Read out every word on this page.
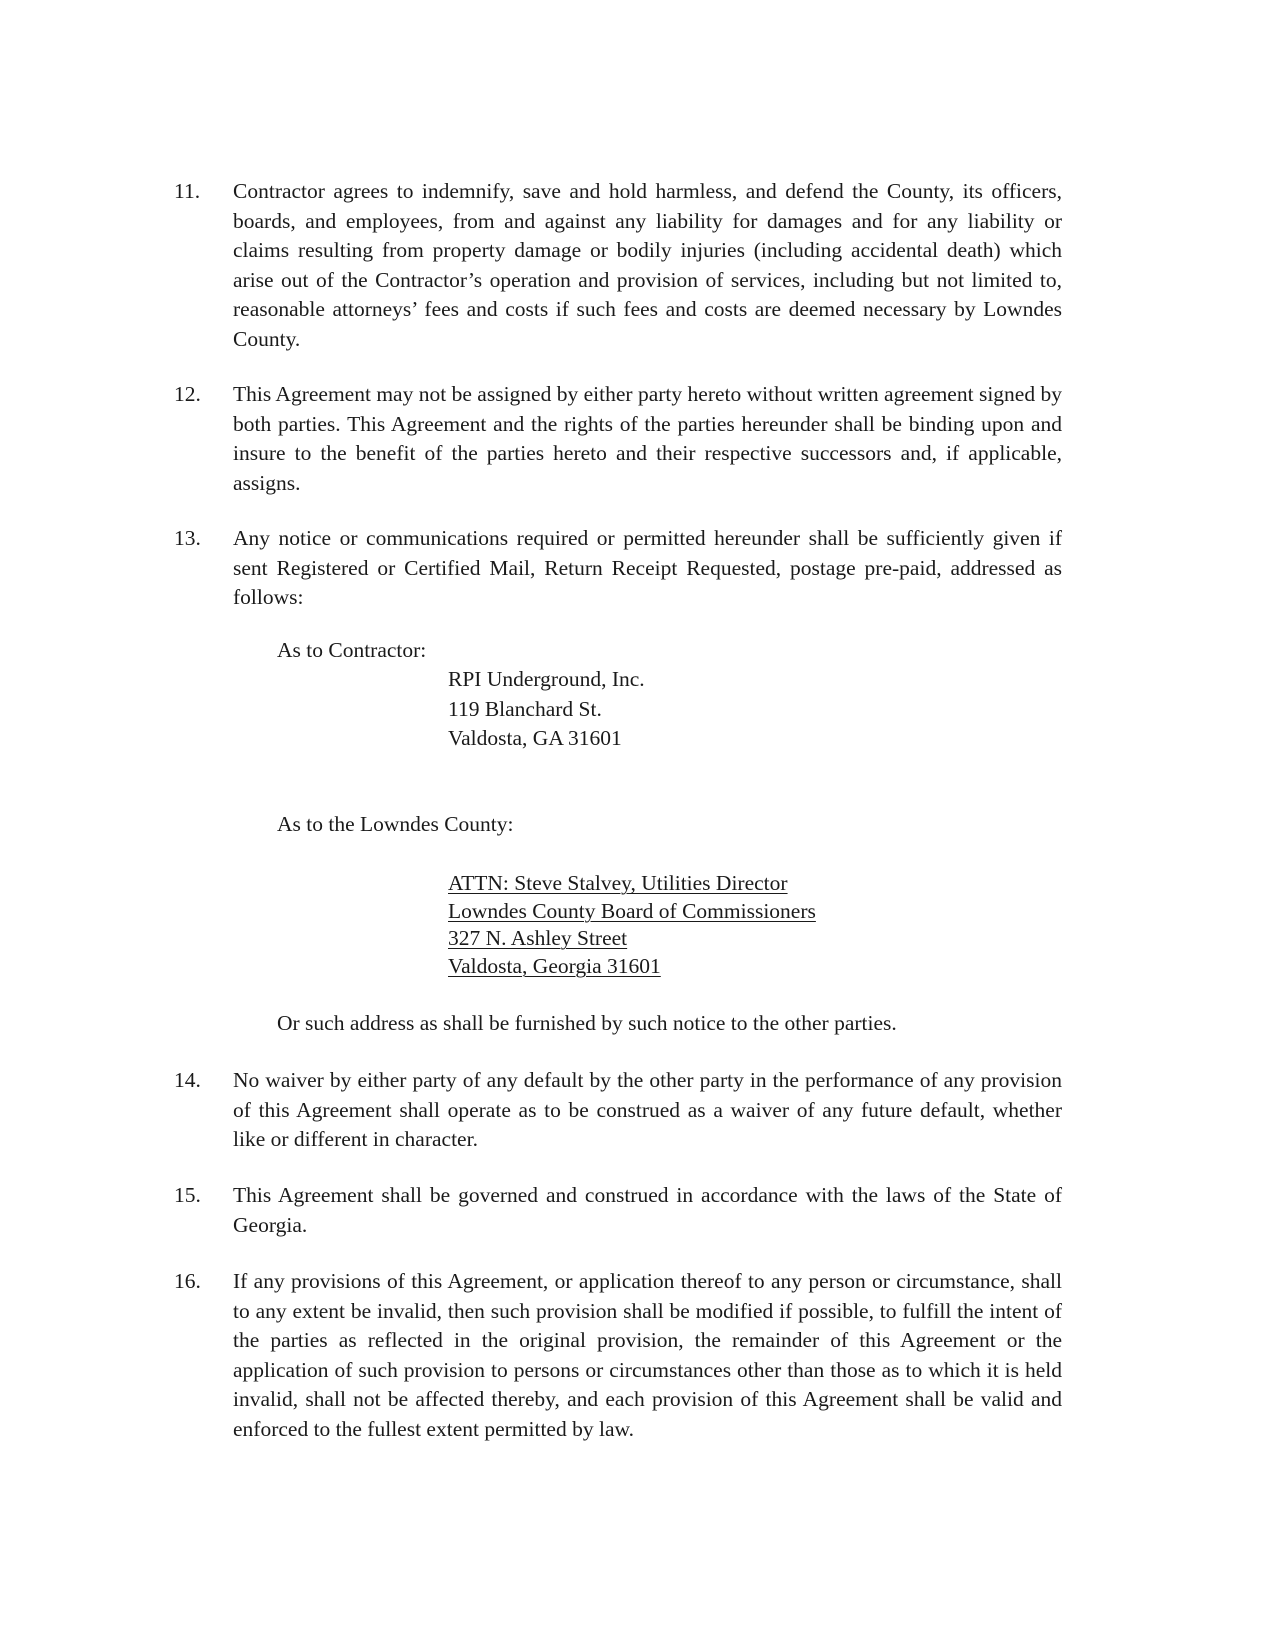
11.	Contractor agrees to indemnify, save and hold harmless, and defend the County, its officers, boards, and employees, from and against any liability for damages and for any liability or claims resulting from property damage or bodily injuries (including accidental death) which arise out of the Contractor’s operation and provision of services, including but not limited to, reasonable attorneys’ fees and costs if such fees and costs are deemed necessary by Lowndes County.
12.	This Agreement may not be assigned by either party hereto without written agreement signed by both parties. This Agreement and the rights of the parties hereunder shall be binding upon and insure to the benefit of the parties hereto and their respective successors and, if applicable, assigns.
13.	Any notice or communications required or permitted hereunder shall be sufficiently given if sent Registered or Certified Mail, Return Receipt Requested, postage pre-paid, addressed as follows:
As to Contractor:
RPI Underground, Inc.
119 Blanchard St.
Valdosta, GA 31601
As to the Lowndes County:
ATTN: Steve Stalvey, Utilities Director
Lowndes County Board of Commissioners
327 N. Ashley Street
Valdosta, Georgia 31601
Or such address as shall be furnished by such notice to the other parties.
14.	No waiver by either party of any default by the other party in the performance of any provision of this Agreement shall operate as to be construed as a waiver of any future default, whether like or different in character.
15.	This Agreement shall be governed and construed in accordance with the laws of the State of Georgia.
16.	If any provisions of this Agreement, or application thereof to any person or circumstance, shall to any extent be invalid, then such provision shall be modified if possible, to fulfill the intent of the parties as reflected in the original provision, the remainder of this Agreement or the application of such provision to persons or circumstances other than those as to which it is held invalid, shall not be affected thereby, and each provision of this Agreement shall be valid and enforced to the fullest extent permitted by law.
